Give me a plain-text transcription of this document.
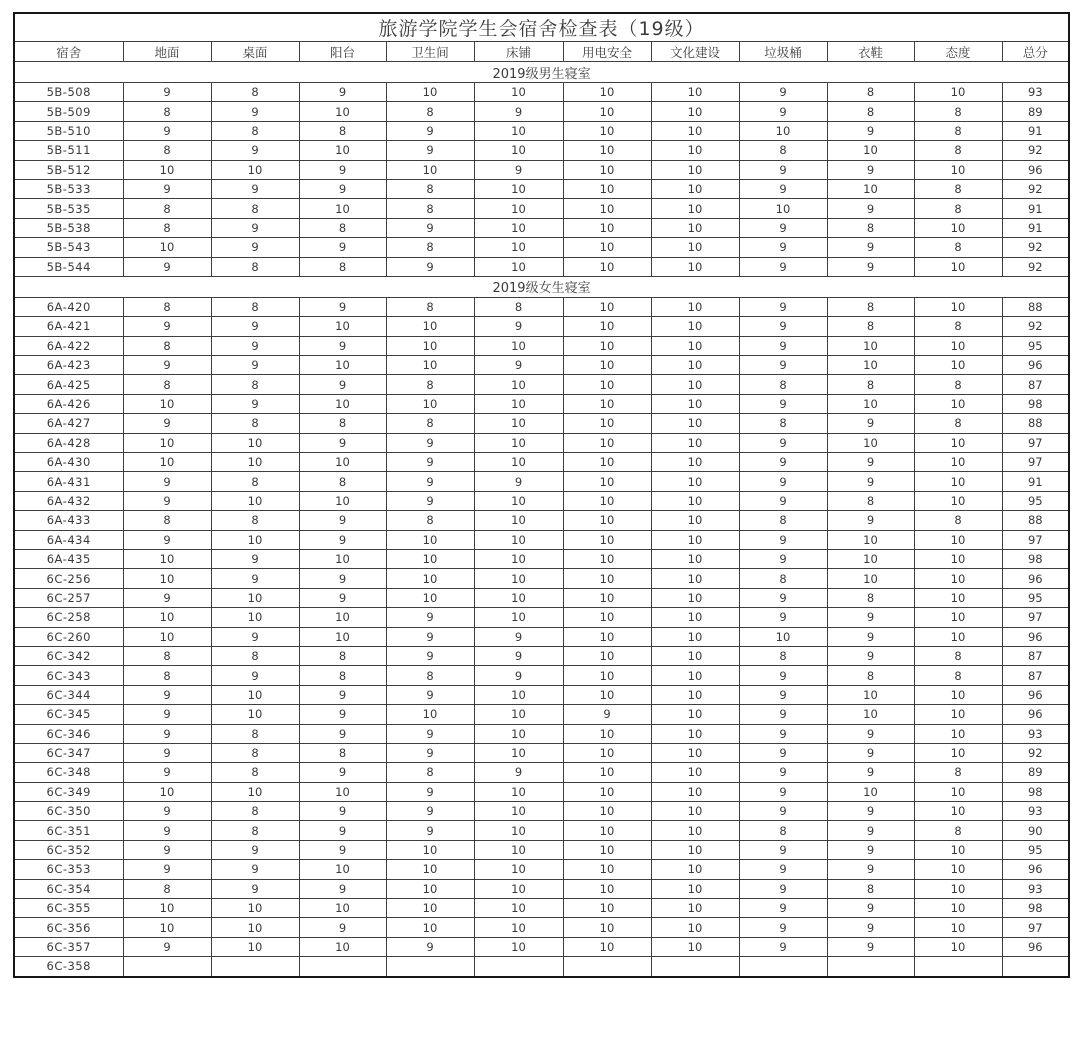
旅游学院学生会宿舍检查表（19级）											
宿舍	地面	桌面	阳台	卫生间	床铺	用电安全	文化建设	垃圾桶	衣鞋	态度	总分
2019级男生寝室											
5B-508	9	8	9	10	10	10	10	9	8	10	93
5B-509	8	9	10	8	9	10	10	9	8	8	89
5B-510	9	8	8	9	10	10	10	10	9	8	91
5B-511	8	9	10	9	10	10	10	8	10	8	92
5B-512	10	10	9	10	9	10	10	9	9	10	96
5B-533	9	9	9	8	10	10	10	9	10	8	92
5B-535	8	8	10	8	10	10	10	10	9	8	91
5B-538	8	9	8	9	10	10	10	9	8	10	91
5B-543	10	9	9	8	10	10	10	9	9	8	92
5B-544	9	8	8	9	10	10	10	9	9	10	92
2019级女生寝室											
6A-420	8	8	9	8	8	10	10	9	8	10	88
6A-421	9	9	10	10	9	10	10	9	8	8	92
6A-422	8	9	9	10	10	10	10	9	10	10	95
6A-423	9	9	10	10	9	10	10	9	10	10	96
6A-425	8	8	9	8	10	10	10	8	8	8	87
6A-426	10	9	10	10	10	10	10	9	10	10	98
6A-427	9	8	8	8	10	10	10	8	9	8	88
6A-428	10	10	9	9	10	10	10	9	10	10	97
6A-430	10	10	10	9	10	10	10	9	9	10	97
6A-431	9	8	8	9	9	10	10	9	9	10	91
6A-432	9	10	10	9	10	10	10	9	8	10	95
6A-433	8	8	9	8	10	10	10	8	9	8	88
6A-434	9	10	9	10	10	10	10	9	10	10	97
6A-435	10	9	10	10	10	10	10	9	10	10	98
6C-256	10	9	9	10	10	10	10	8	10	10	96
6C-257	9	10	9	10	10	10	10	9	8	10	95
6C-258	10	10	10	9	10	10	10	9	9	10	97
6C-260	10	9	10	9	9	10	10	10	9	10	96
6C-342	8	8	8	9	9	10	10	8	9	8	87
6C-343	8	9	8	8	9	10	10	9	8	8	87
6C-344	9	10	9	9	10	10	10	9	10	10	96
6C-345	9	10	9	10	10	9	10	9	10	10	96
6C-346	9	8	9	9	10	10	10	9	9	10	93
6C-347	9	8	8	9	10	10	10	9	9	10	92
6C-348	9	8	9	8	9	10	10	9	9	8	89
6C-349	10	10	10	9	10	10	10	9	10	10	98
6C-350	9	8	9	9	10	10	10	9	9	10	93
6C-351	9	8	9	9	10	10	10	8	9	8	90
6C-352	9	9	9	10	10	10	10	9	9	10	95
6C-353	9	9	10	10	10	10	10	9	9	10	96
6C-354	8	9	9	10	10	10	10	9	8	10	93
6C-355	10	10	10	10	10	10	10	9	9	10	98
6C-356	10	10	9	10	10	10	10	9	9	10	97
6C-357	9	10	10	9	10	10	10	9	9	10	96
6C-358											
